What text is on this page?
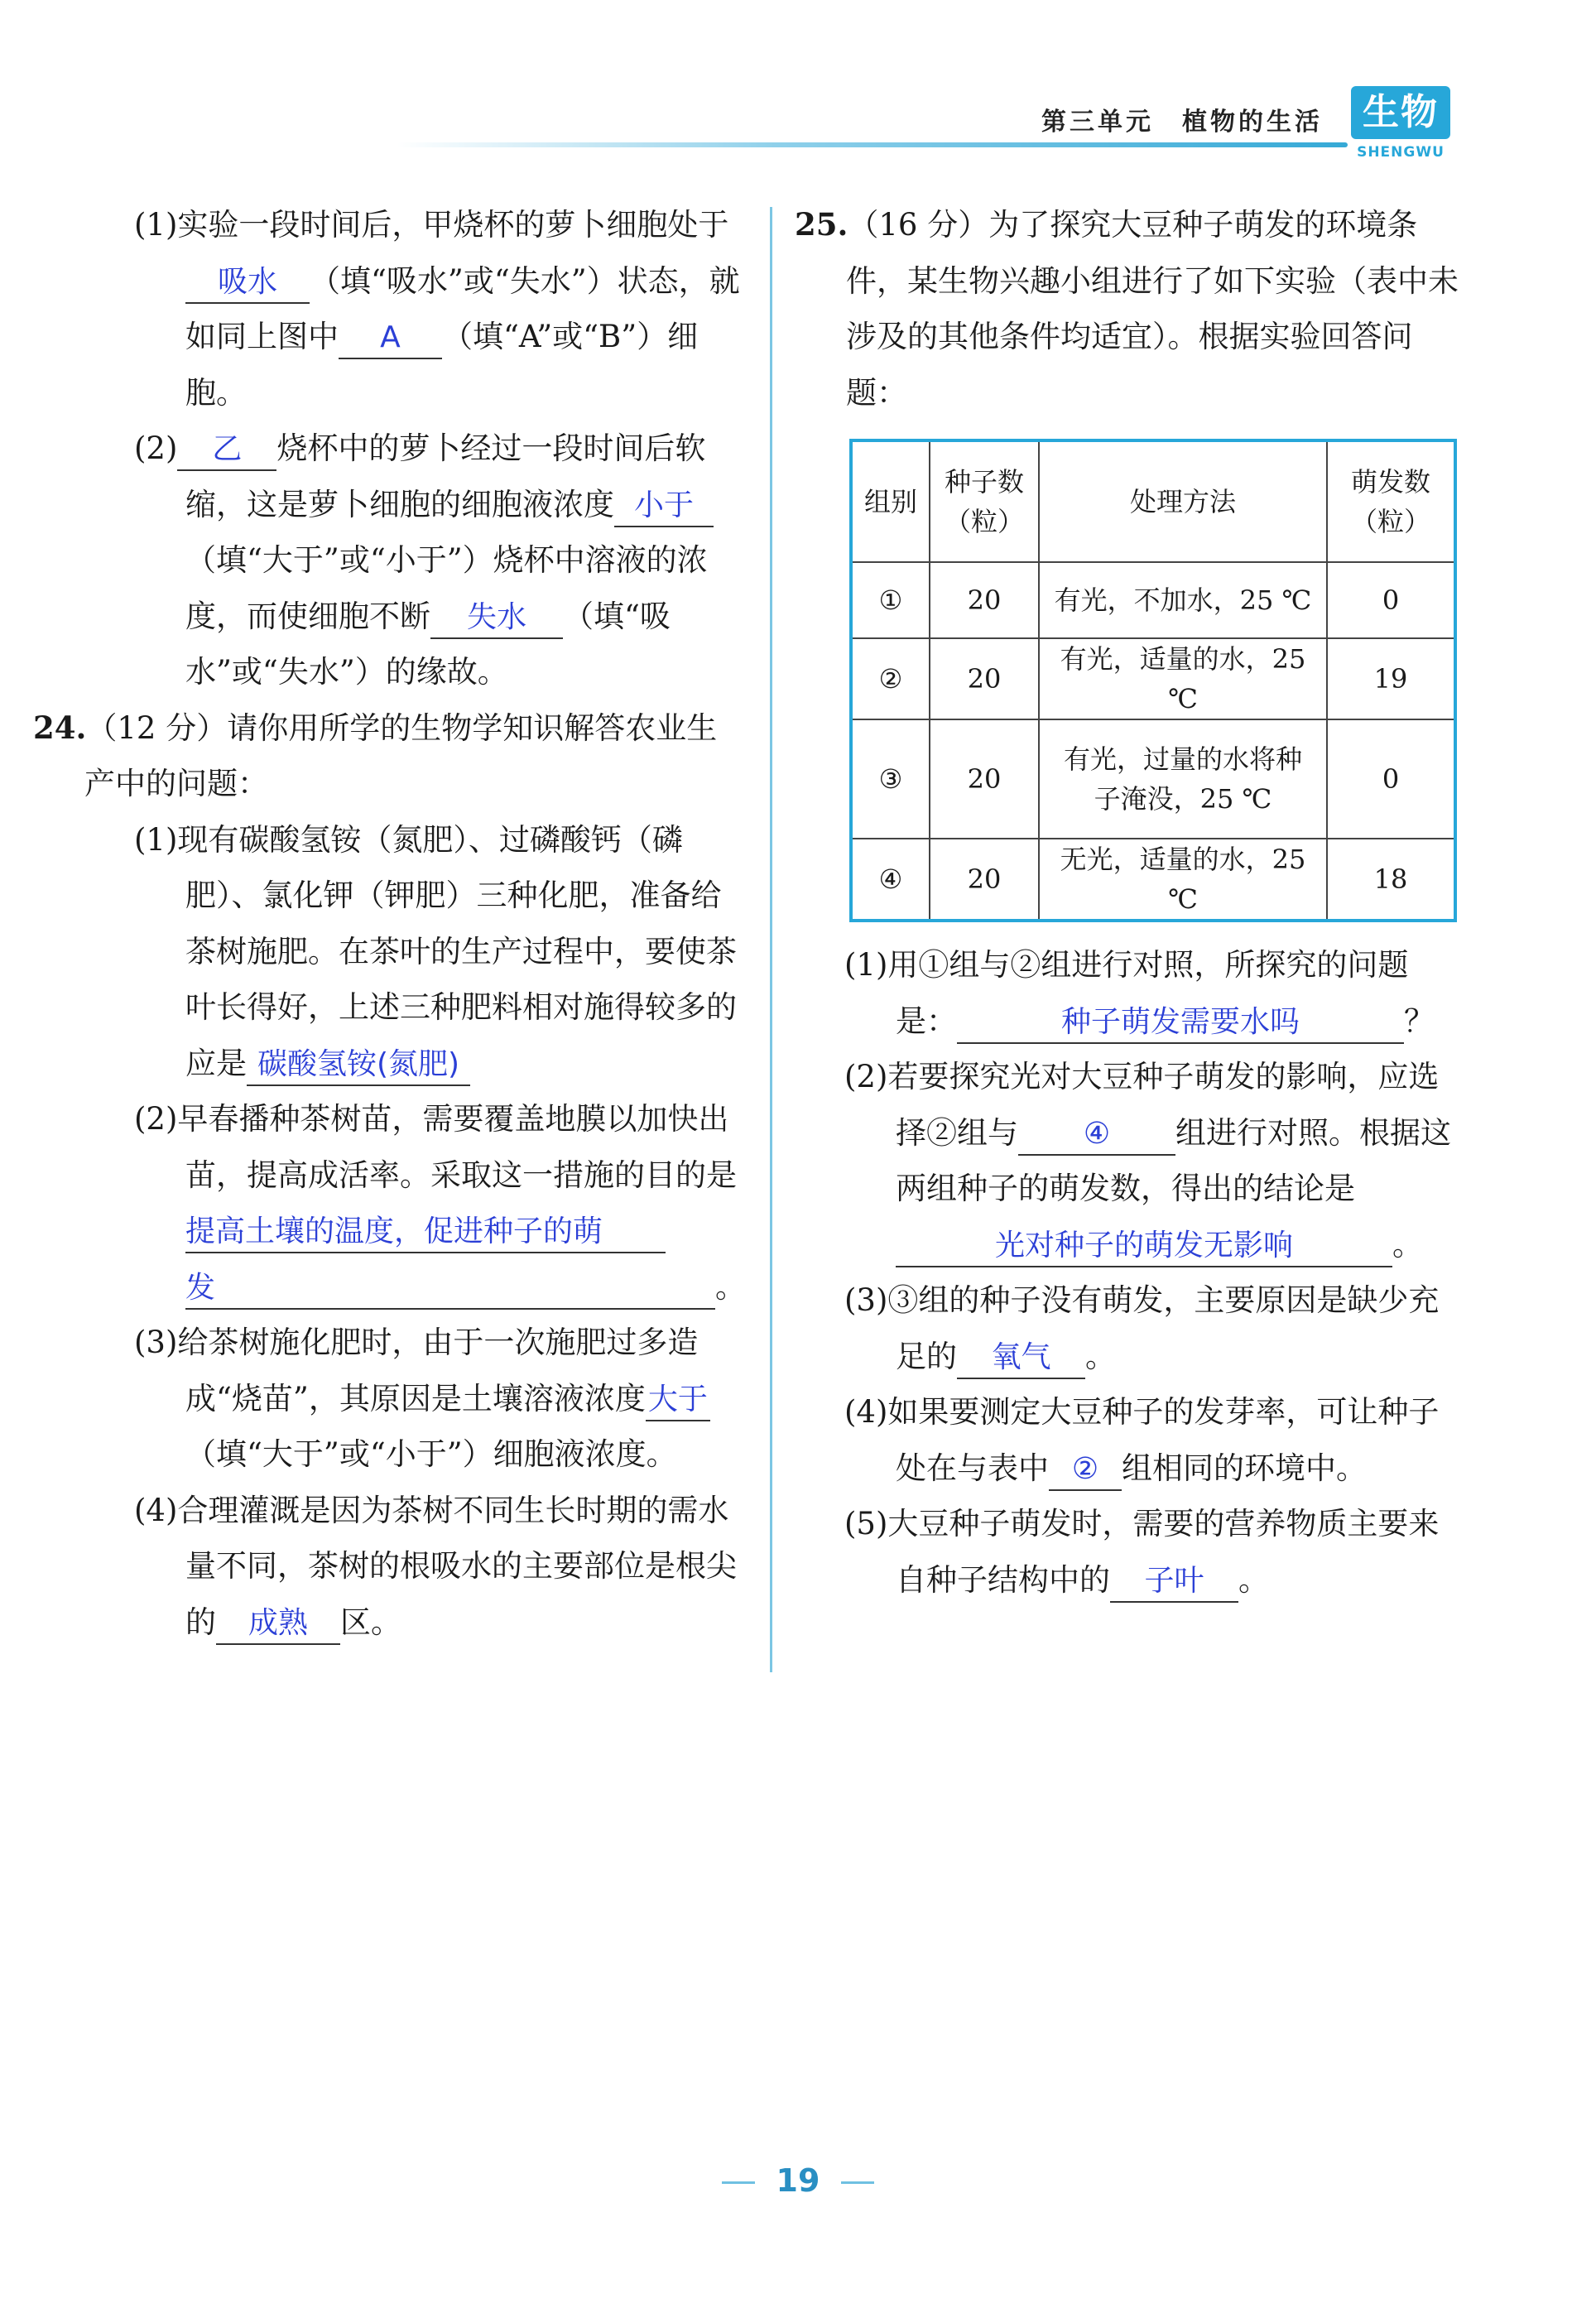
第三单元 植物的生活	生物
SHENGWU

(1)实验一段时间后，甲烧杯的萝卜细胞处于吸水 （填“吸水”或“失水”）状态，就如同上图中 A （填“A”或“B”）细胞。

(2) 乙 烧杯中的萝卜经过一段时间后软缩，这是萝卜细胞的细胞液浓度 小于（填“大于”或“小于”）烧杯中溶液的浓度，而使细胞不断 失水 （填“吸水”或“失水”）的缘故。

24.（12 分）请你用所学的生物学知识解答农业生产中的问题：

(1)现有碳酸氢铵（氮肥）、过磷酸钙（磷肥）、氯化钾（钾肥）三种化肥，准备给茶树施肥。在茶叶的生产过程中，要使茶叶长得好，上述三种肥料相对施得较多的应是 碳酸氢铵(氮肥)

(2)早春播种茶树苗，需要覆盖地膜以加快出苗，提高成活率。采取这一措施的目的是提高土壤的温度，促进种子的萌发	。

(3)给茶树施化肥时，由于一次施肥过多造成“烧苗”，其原因是土壤溶液浓度大于（填“大于”或“小于”）细胞液浓度。

(4)合理灌溉是因为茶树不同生长时期的需水量不同，茶树的根吸水的主要部位是根尖的 成熟 区。

25.（16 分）为了探究大豆种子萌发的环境条件，某生物兴趣小组进行了如下实验（表中未涉及的其他条件均适宜）。根据实验回答问题：

组别	种子数（粒）	处理方法	萌发数（粒）
①	20	有光，不加水，25 ℃	0
②	20	有光，适量的水，25 ℃	19
③	20	有光，过量的水将种子淹没，25 ℃	0
④	20	无光，适量的水，25 ℃	18

(1)用①组与②组进行对照，所探究的问题是：	种子萌发需要水吗	？

(2)若要探究光对大豆种子萌发的影响，应选择②组与 ④ 组进行对照。根据这两组种子的萌发数，得出的结论是光对种子的萌发无影响	。

(3)③组的种子没有萌发，主要原因是缺少充足的 氧气 。

(4)如果要测定大豆种子的发芽率，可让种子处在与表中 ② 组相同的环境中。

(5)大豆种子萌发时，需要的营养物质主要来自种子结构中的 子叶 。

19
